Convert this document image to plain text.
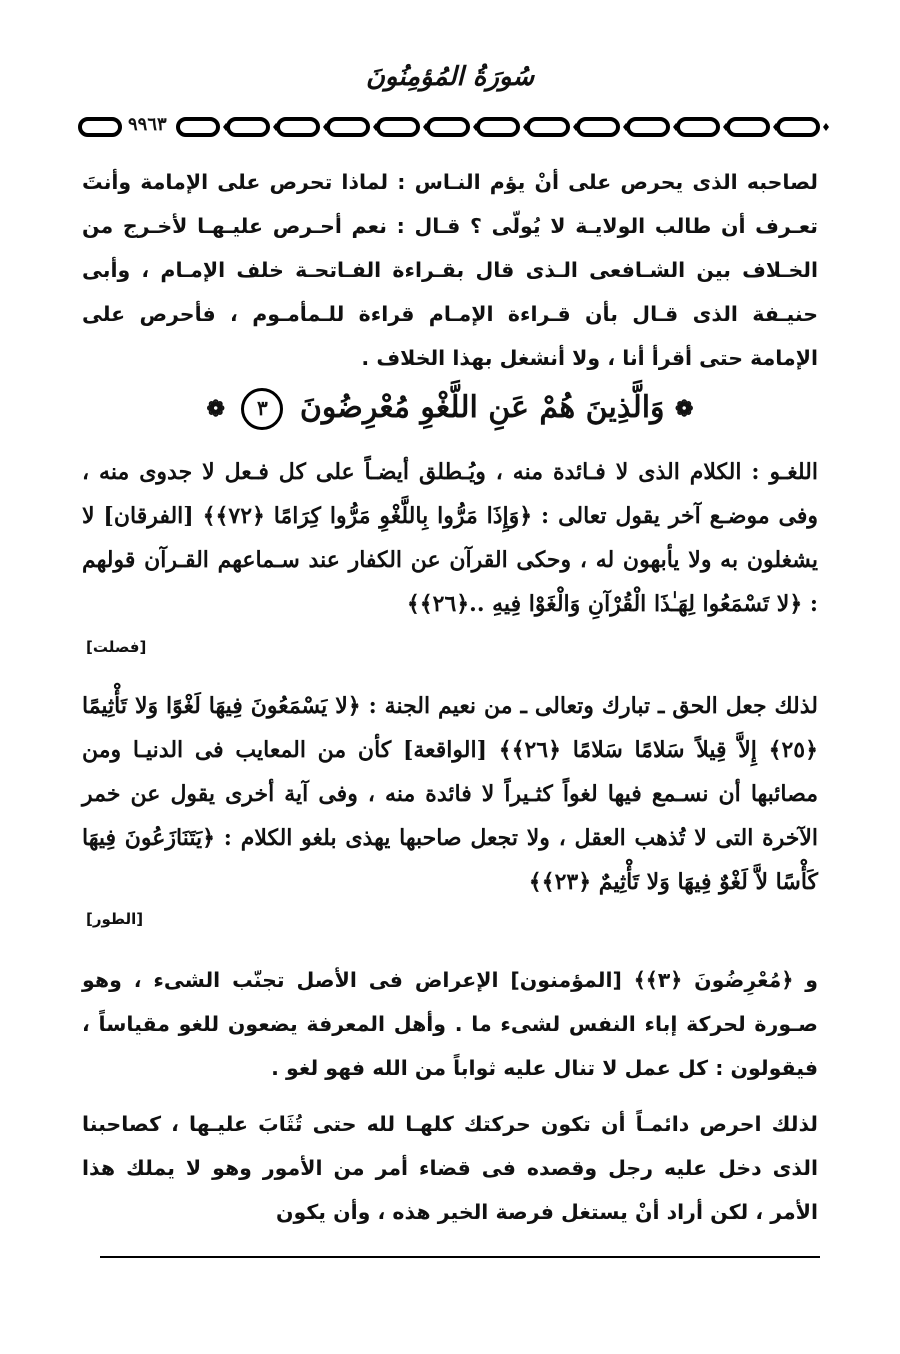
سُورَةُ المُؤمِنُونَ
٩٩٦٣

لصاحبه الذى يحرص على أنْ يؤم النـاس : لماذا تحرص على الإمامة وأنتَ تعـرف أن طالب الولايـة لا يُولّى ؟ قـال : نعم أحـرص عليـهـا لأخـرج من الخـلاف بين الشـافعى الـذى قال بقـراءة الفـاتحـة خلف الإمـام ، وأبى حنيـفة الذى قـال بأن قـراءة الإمـام قراءة للـمأمـوم ، فأحرص على الإمامة حتى أقرأ أنا ، ولا أنشغل بهذا الخلاف .

❁ وَالَّذِينَ هُمْ عَنِ اللَّغْوِ مُعْرِضُونَ ٣ ❁

اللغـو : الكلام الذى لا فـائدة منه ، ويُـطلق أيضـاً على كل فـعل لا جدوى منه ، وفى موضـع آخر يقول تعالى : ﴿وَإِذَا مَرُّوا بِاللَّغْوِ مَرُّوا كِرَامًا ﴿٧٢﴾﴾ [الفرقان] لا يشغلون به ولا يأبهون له ، وحكى القرآن عن الكفار عند سـماعهم القـرآن قولهم : ﴿لا تَسْمَعُوا لِهَـٰذَا الْقُرْآنِ وَالْغَوْا فِيهِ ..﴿٢٦﴾﴾

[فصلت]

لذلك جعل الحق ـ تبارك وتعالى ـ من نعيم الجنة : ﴿لا يَسْمَعُونَ فِيهَا لَغْوًا وَلا تَأْثِيمًا ﴿٢٥﴾ إِلاَّ قِيلاً سَلامًا سَلامًا ﴿٢٦﴾﴾ [الواقعة] كأن من المعايب فى الدنيـا ومن مصائبها أن نسـمع فيها لغواً كثـيراً لا فائدة منه ، وفى آية أخرى يقول عن خمر الآخرة التى لا تُذهب العقل ، ولا تجعل صاحبها يهذى بلغو الكلام : ﴿يَتَنَازَعُونَ فِيهَا كَأْسًا لاَّ لَغْوٌ فِيهَا وَلا تَأْثِيمٌ ﴿٢٣﴾﴾

[الطور]

و ﴿مُعْرِضُونَ ﴿٣﴾﴾ [المؤمنون] الإعراض فى الأصل تجنّب الشىء ، وهو صـورة لحركة إباء النفس لشىء ما . وأهل المعرفة يضعون للغو مقياساً ، فيقولون : كل عمل لا تنال عليه ثواباً من الله فهو لغو .

لذلك احرص دائمـاً أن تكون حركتك كلهـا لله حتى تُثَابَ عليـها ، كصاحبنا الذى دخل عليه رجل وقصده فى قضاء أمر من الأمور وهو لا يملك هذا الأمر ، لكن أراد أنْ يستغل فرصة الخير هذه ، وأن يكون
